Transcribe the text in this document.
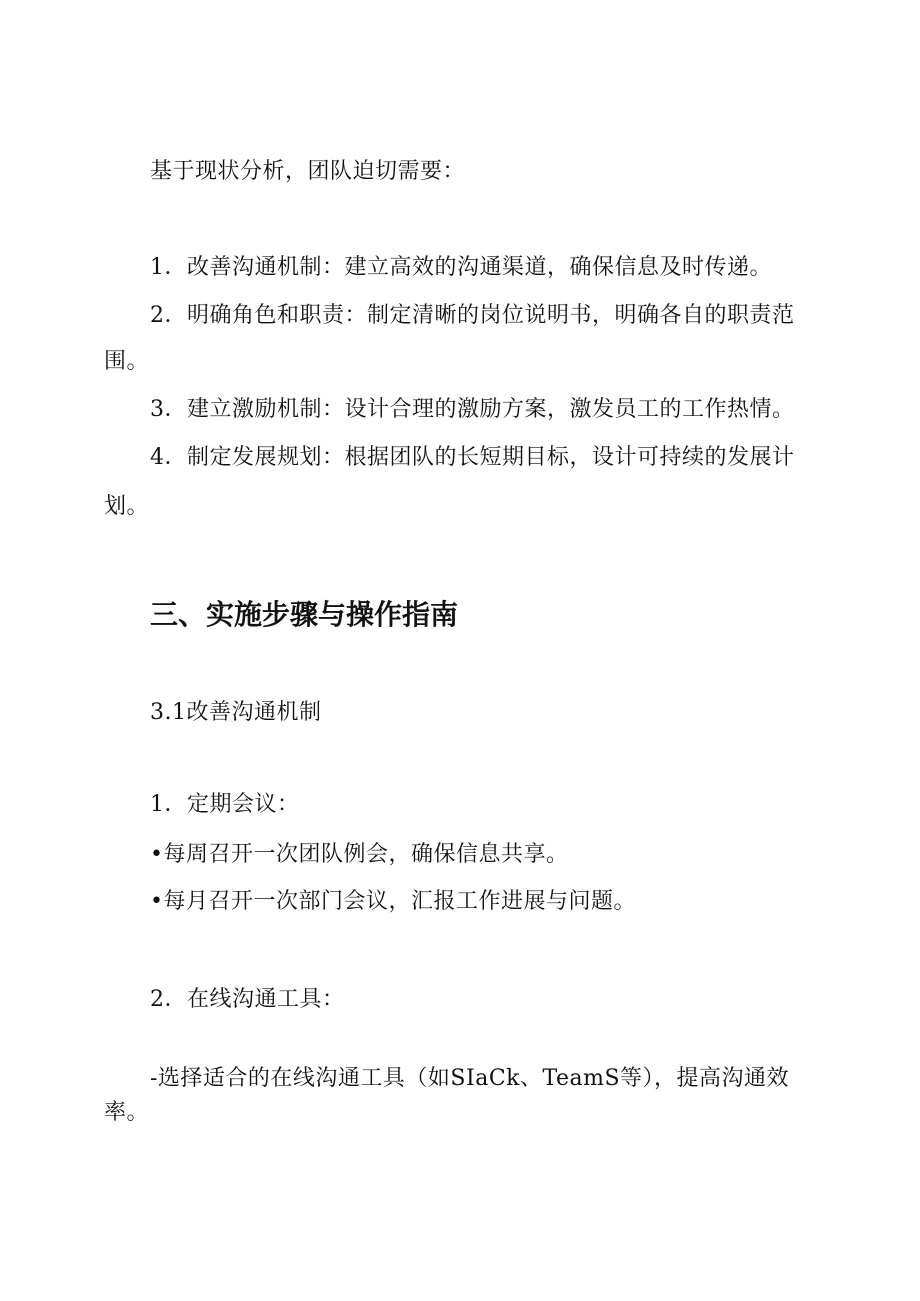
基于现状分析，团队迫切需要：
1．改善沟通机制：建立高效的沟通渠道，确保信息及时传递。
2．明确角色和职责：制定清晰的岗位说明书，明确各自的职责范
围。
3．建立激励机制：设计合理的激励方案，激发员工的工作热情。
4．制定发展规划：根据团队的长短期目标，设计可持续的发展计
划。
三、实施步骤与操作指南
3.1改善沟通机制
1．定期会议：
•每周召开一次团队例会，确保信息共享。
•每月召开一次部门会议，汇报工作进展与问题。
2．在线沟通工具：
-选择适合的在线沟通工具（如SIaCk、TeamS等），提高沟通效
率。
